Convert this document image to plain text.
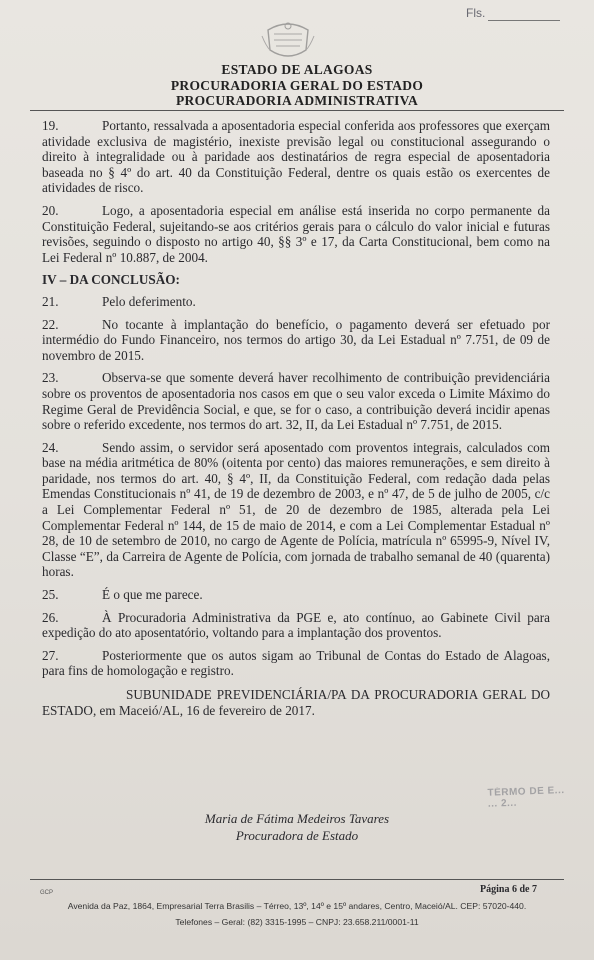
Fls.
ESTADO DE ALAGOAS
PROCURADORIA GERAL DO ESTADO
PROCURADORIA ADMINISTRATIVA

19.	Portanto, ressalvada a aposentadoria especial conferida aos professores que exerçam atividade exclusiva de magistério, inexiste previsão legal ou constitucional assegurando o direito à integralidade ou à paridade aos destinatários de regra especial de aposentadoria baseada no § 4º do art. 40 da Constituição Federal, dentre os quais estão os exercentes de atividades de risco.

20.	Logo, a aposentadoria especial em análise está inserida no corpo permanente da Constituição Federal, sujeitando-se aos critérios gerais para o cálculo do valor inicial e futuras revisões, seguindo o disposto no artigo 40, §§ 3º e 17, da Carta Constitucional, bem como na Lei Federal nº 10.887, de 2004.

IV – DA CONCLUSÃO:

21.	Pelo deferimento.

22.	No tocante à implantação do benefício, o pagamento deverá ser efetuado por intermédio do Fundo Financeiro, nos termos do artigo 30, da Lei Estadual nº 7.751, de 09 de novembro de 2015.

23.	Observa-se que somente deverá haver recolhimento de contribuição previdenciária sobre os proventos de aposentadoria nos casos em que o seu valor exceda o Limite Máximo do Regime Geral de Previdência Social, e que, se for o caso, a contribuição deverá incidir apenas sobre o referido excedente, nos termos do art. 32, II, da Lei Estadual nº 7.751, de 2015.

24.	Sendo assim, o servidor será aposentado com proventos integrais, calculados com base na média aritmética de 80% (oitenta por cento) das maiores remunerações, e sem direito à paridade, nos termos do art. 40, § 4º, II, da Constituição Federal, com redação dada pelas Emendas Constitucionais nº 41, de 19 de dezembro de 2003, e nº 47, de 5 de julho de 2005, c/c a Lei Complementar Federal nº 51, de 20 de dezembro de 1985, alterada pela Lei Complementar Federal nº 144, de 15 de maio de 2014, e com a Lei Complementar Estadual nº 28, de 10 de setembro de 2010, no cargo de Agente de Polícia, matrícula nº 65995-9, Nível IV, Classe “E”, da Carreira de Agente de Polícia, com jornada de trabalho semanal de 40 (quarenta) horas.

25.	É o que me parece.

26.	À Procuradoria Administrativa da PGE e, ato contínuo, ao Gabinete Civil para expedição do ato aposentatório, voltando para a implantação dos proventos.

27.	Posteriormente que os autos sigam ao Tribunal de Contas do Estado de Alagoas, para fins de homologação e registro.

SUBUNIDADE PREVIDENCIÁRIA/PA DA PROCURADORIA GERAL DO ESTADO, em Maceió/AL, 16 de fevereiro de 2017.

TÉRMO DE E...
... 2...
Maria de Fátima Medeiros Tavares
Procuradora de Estado
GCP	Página 6 de 7
Avenida da Paz, 1864, Empresarial Terra Brasilis – Térreo, 13º, 14º e 15º andares, Centro, Maceió/AL. CEP: 57020-440.
Telefones – Geral: (82) 3315-1995 – CNPJ: 23.658.211/0001-11
